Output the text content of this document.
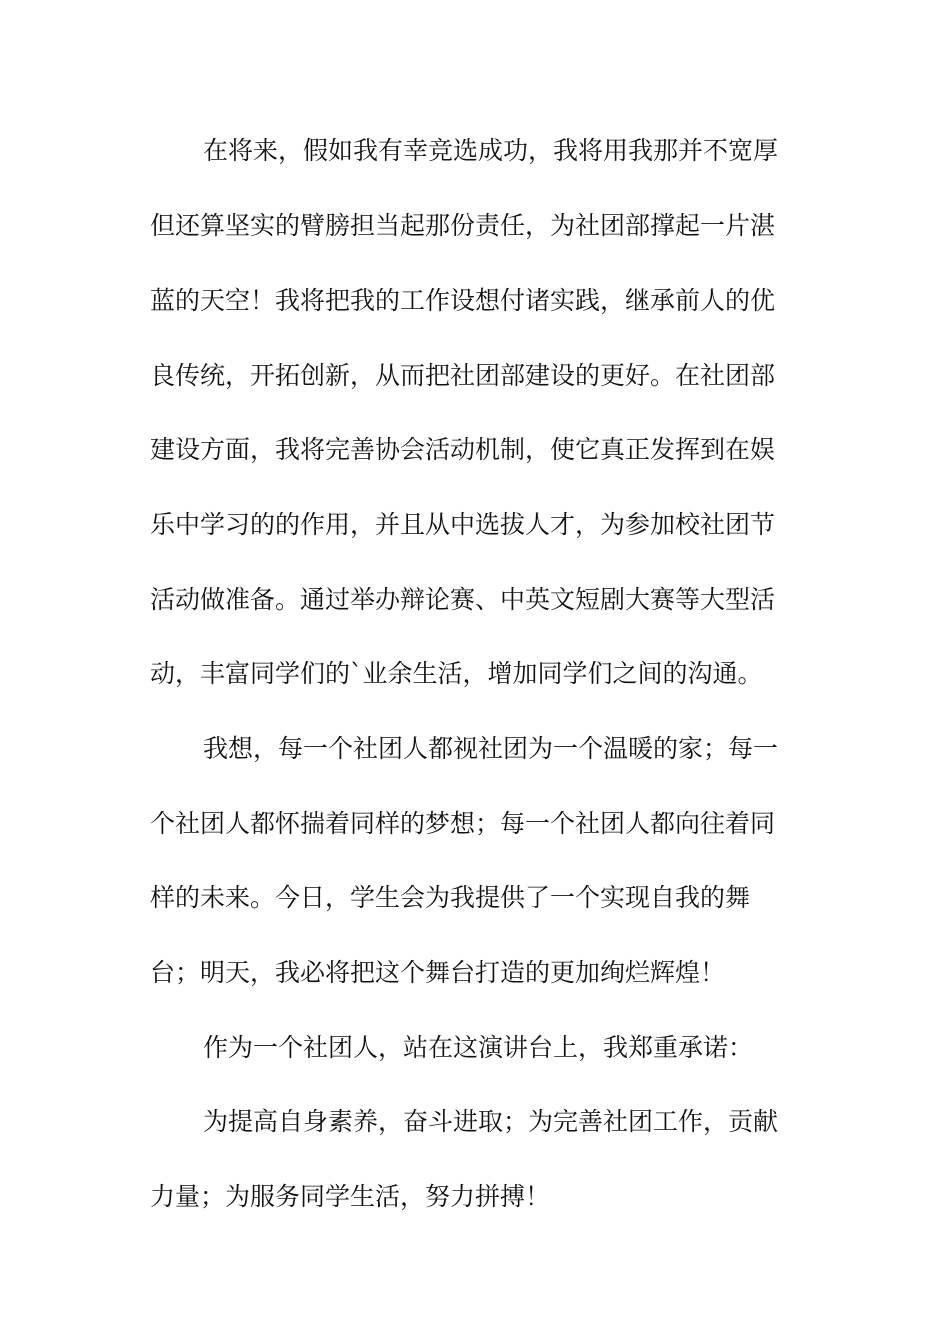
在将来，假如我有幸竞选成功，我将用我那并不宽厚
但还算坚实的臂膀担当起那份责任，为社团部撑起一片湛
蓝的天空！我将把我的工作设想付诸实践，继承前人的优
良传统，开拓创新，从而把社团部建设的更好。在社团部
建设方面，我将完善协会活动机制，使它真正发挥到在娱
乐中学习的的作用，并且从中选拔人才，为参加校社团节
活动做准备。通过举办辩论赛、中英文短剧大赛等大型活
动，丰富同学们的`业余生活，增加同学们之间的沟通。
我想，每一个社团人都视社团为一个温暖的家；每一
个社团人都怀揣着同样的梦想；每一个社团人都向往着同
样的未来。今日，学生会为我提供了一个实现自我的舞
台；明天，我必将把这个舞台打造的更加绚烂辉煌！
作为一个社团人，站在这演讲台上，我郑重承诺：
为提高自身素养，奋斗进取；为完善社团工作，贡献
力量；为服务同学生活，努力拼搏！
